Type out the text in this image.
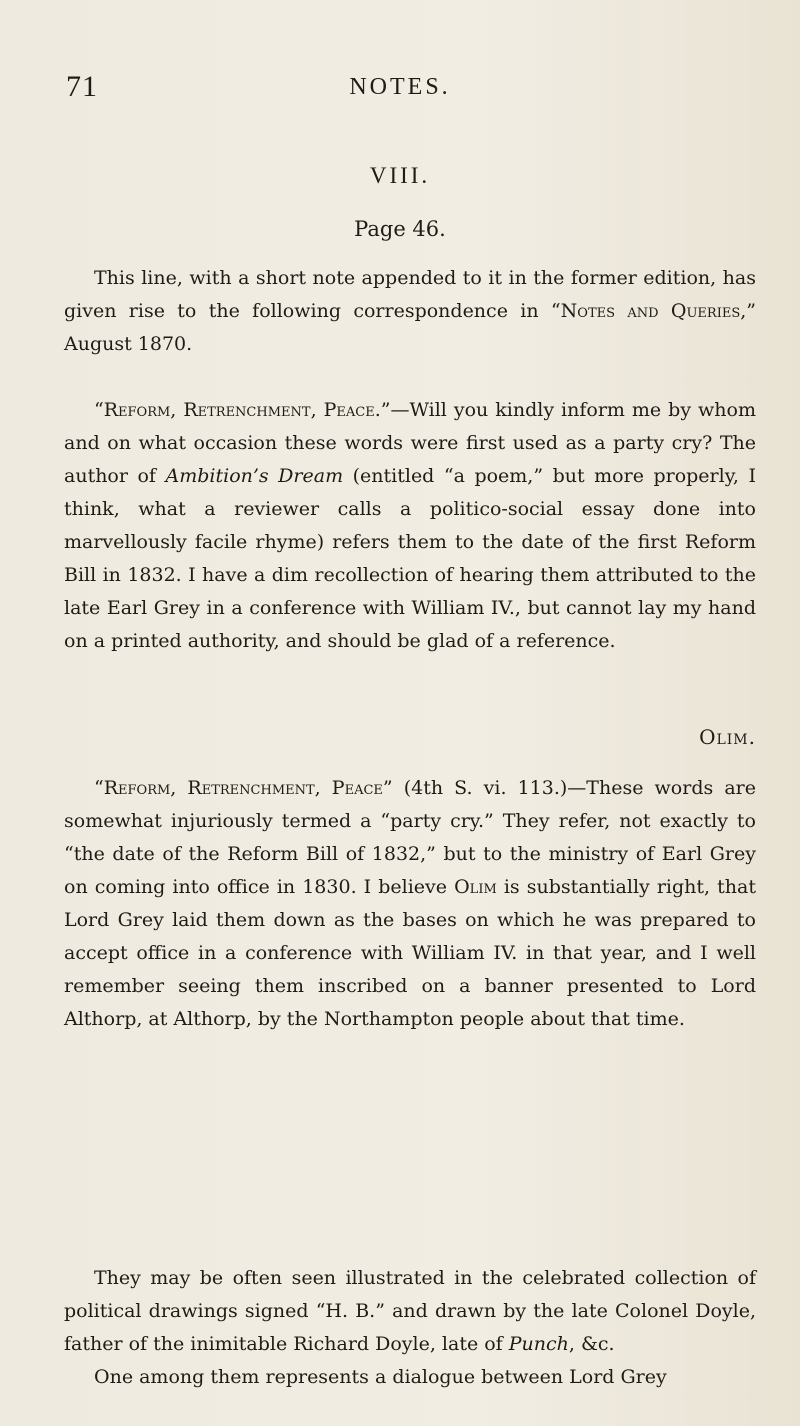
71	NOTES.

VIII.

Page 46.

This line, with a short note appended to it in the former edition, has given rise to the following correspondence in “Notes and Queries,” August 1870.

“Reform, Retrenchment, Peace.”—Will you kindly inform me by whom and on what occasion these words were first used as a party cry? The author of Ambition’s Dream (entitled “a poem,” but more properly, I think, what a reviewer calls a politico-social essay done into marvellously facile rhyme) refers them to the date of the first Reform Bill in 1832. I have a dim recollection of hearing them attributed to the late Earl Grey in a conference with William IV., but cannot lay my hand on a printed authority, and should be glad of a reference.

Olim.

“Reform, Retrenchment, Peace” (4th S. vi. 113.)—These words are somewhat injuriously termed a “party cry.” They refer, not exactly to “the date of the Reform Bill of 1832,” but to the ministry of Earl Grey on coming into office in 1830. I believe Olim is substantially right, that Lord Grey laid them down as the bases on which he was prepared to accept office in a conference with William IV. in that year, and I well remember seeing them inscribed on a banner presented to Lord Althorp, at Althorp, by the Northampton people about that time.

They may be often seen illustrated in the celebrated collection of political drawings signed “H. B.” and drawn by the late Colonel Doyle, father of the inimitable Richard Doyle, late of Punch, &c.

One among them represents a dialogue between Lord Grey
